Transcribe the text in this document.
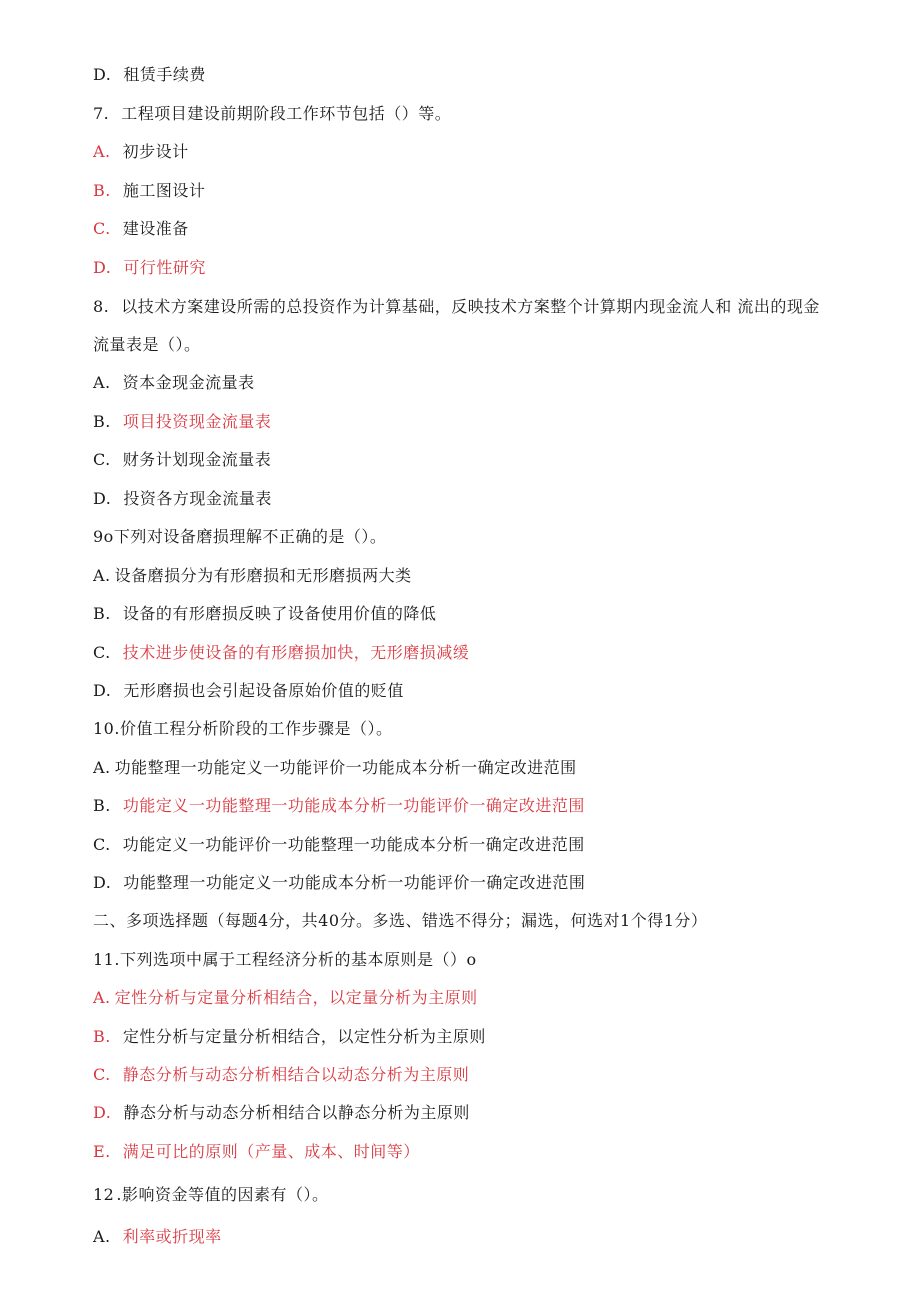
D. 租赁手续费
7. 工程项目建设前期阶段工作环节包括（）等。
A. 初步设计
B. 施工图设计
C. 建设准备
D. 可行性研究
8. 以技术方案建设所需的总投资作为计算基础，反映技术方案整个计算期内现金流人和 流出的现金
流量表是（）。
A. 资本金现金流量表
B. 项目投资现金流量表
C. 财务计划现金流量表
D. 投资各方现金流量表
9o下列对设备磨损理解不正确的是（）。
A. 设备磨损分为有形磨损和无形磨损两大类
B. 设备的有形磨损反映了设备使用价值的降低
C. 技术进步使设备的有形磨损加快，无形磨损减缓
D. 无形磨损也会引起设备原始价值的贬值
10.价值工程分析阶段的工作步骤是（）。
A. 功能整理一功能定义一功能评价一功能成本分析一确定改进范围
B. 功能定义一功能整理一功能成本分析一功能评价一确定改进范围
C. 功能定义一功能评价一功能整理一功能成本分析一确定改进范围
D. 功能整理一功能定义一功能成本分析一功能评价一确定改进范围
二、多项选择题（每题4分，共40分。多选、错选不得分；漏选，何选对1个得1分）
11.下列选项中属于工程经济分析的基本原则是（）o
A. 定性分析与定量分析相结合，以定量分析为主原则
B. 定性分析与定量分析相结合，以定性分析为主原则
C. 静态分析与动态分析相结合以动态分析为主原则
D. 静态分析与动态分析相结合以静态分析为主原则
E. 满足可比的原则（产量、成本、时间等）
12 .影响资金等值的因素有（）。
A. 利率或折现率
